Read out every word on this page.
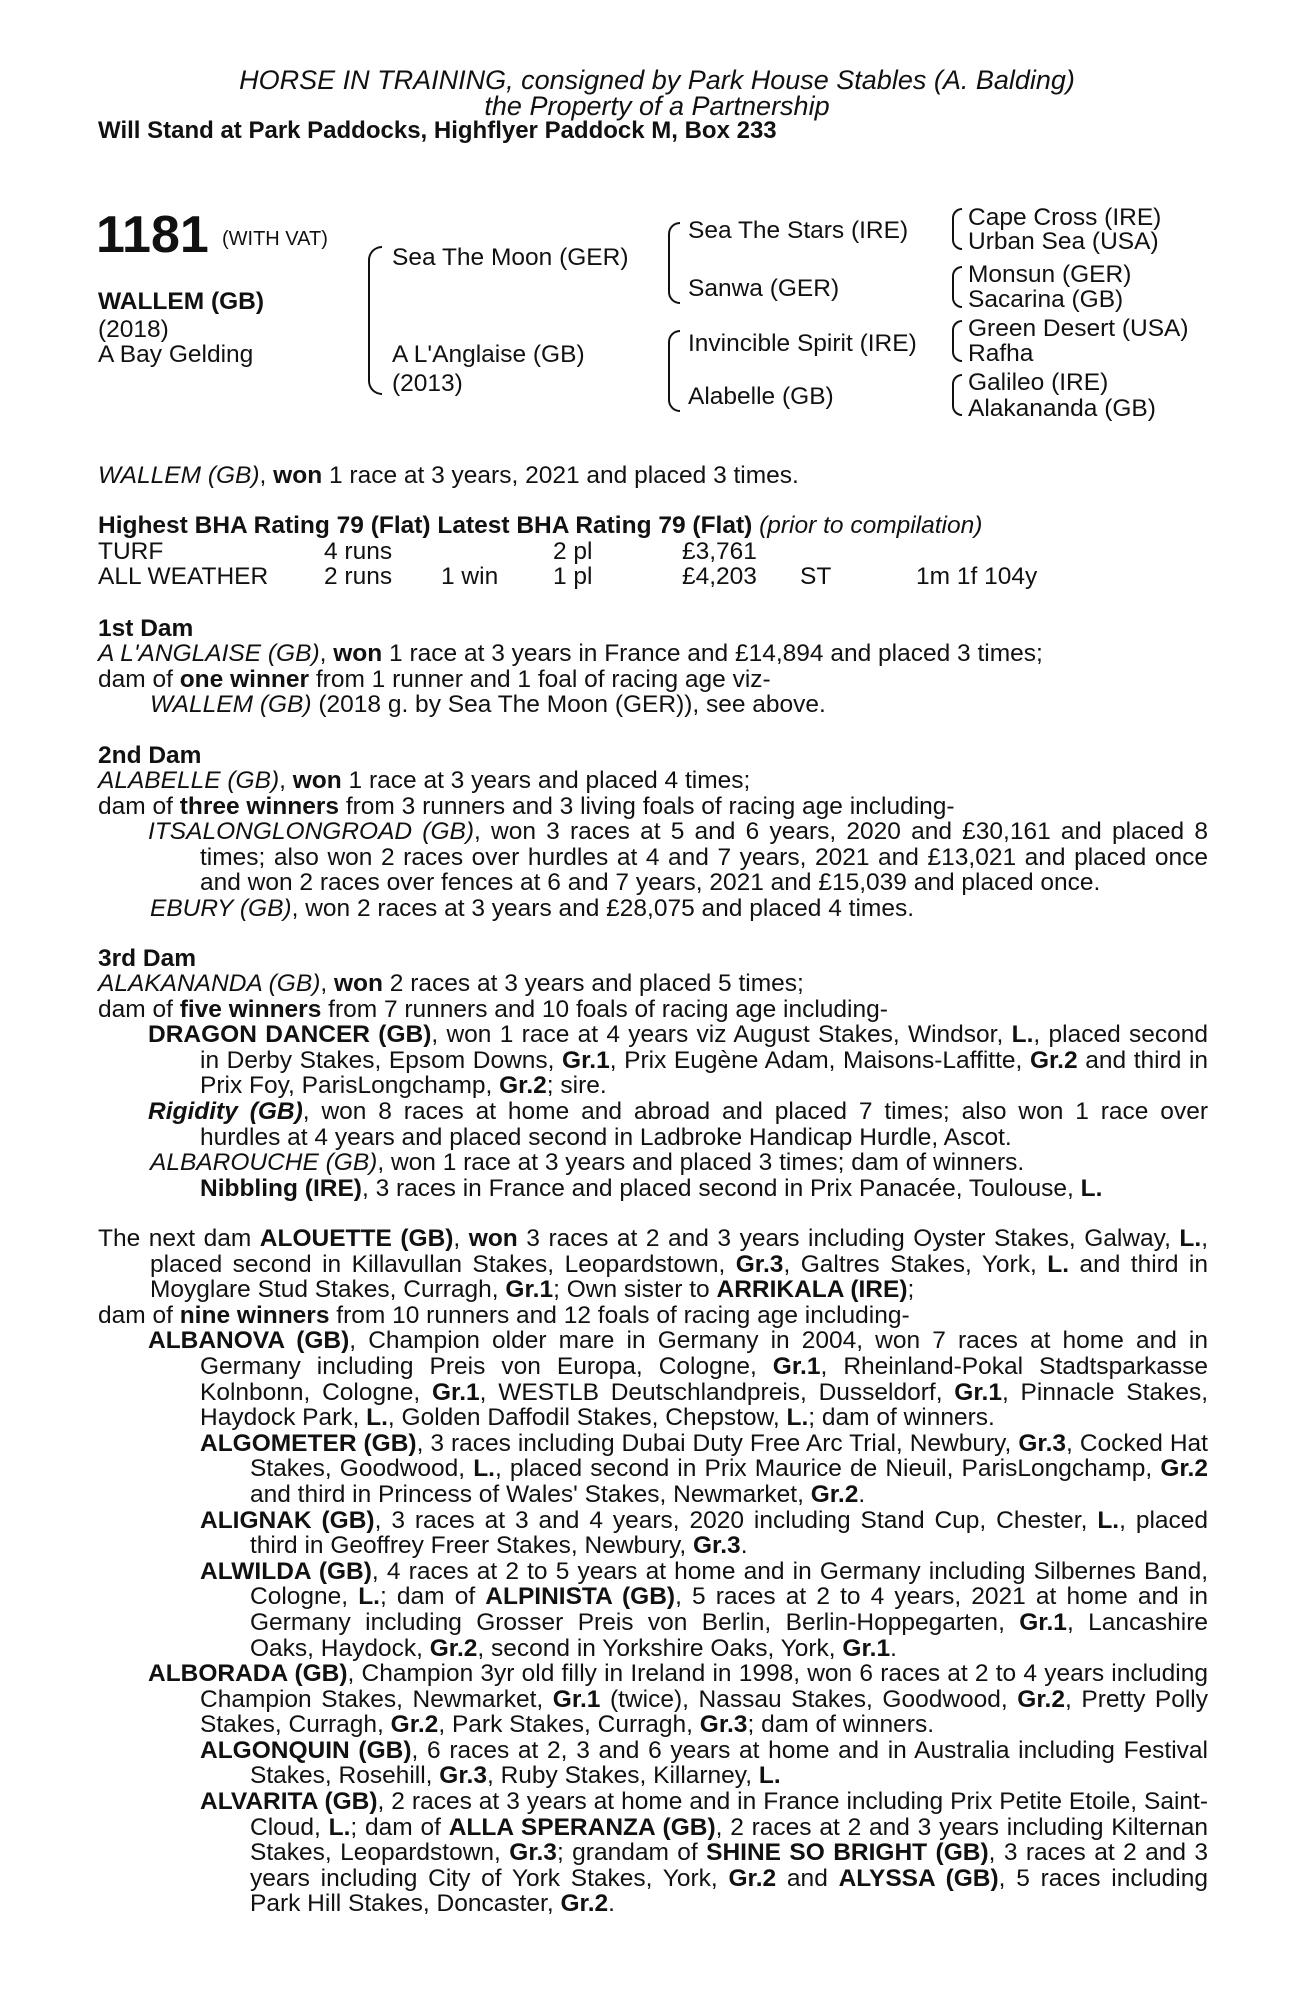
HORSE IN TRAINING, consigned by Park House Stables (A. Balding)
the Property of a Partnership
Will Stand at Park Paddocks, Highflyer Paddock M, Box 233
1181 (WITH VAT)
WALLEM (GB)
(2018)
A Bay Gelding
Sea The Moon (GER)
A L'Anglaise (GB)
(2013)
Sea The Stars (IRE)
Sanwa (GER)
Invincible Spirit (IRE)
Alabelle (GB)
Cape Cross (IRE)
Urban Sea (USA)
Monsun (GER)
Sacarina (GB)
Green Desert (USA)
Rafha
Galileo (IRE)
Alakananda (GB)
WALLEM (GB), won 1 race at 3 years, 2021 and placed 3 times.
Highest BHA Rating 79 (Flat) Latest BHA Rating 79 (Flat) (prior to compilation)
TURF	4 runs	2 pl	£3,761
ALL WEATHER 2 runs 1 win 1 pl	£4,203 ST	1m 1f 104y
1st Dam

A L'ANGLAISE (GB), won 1 race at 3 years in France and £14,894 and placed 3 times;

dam of one winner from 1 runner and 1 foal of racing age viz-

WALLEM (GB) (2018 g. by Sea The Moon (GER)), see above.

2nd Dam

ALABELLE (GB), won 1 race at 3 years and placed 4 times;

dam of three winners from 3 runners and 3 living foals of racing age including-

ITSALONGLONGROAD (GB), won 3 races at 5 and 6 years, 2020 and £30,161 and placed 8 times; also won 2 races over hurdles at 4 and 7 years, 2021 and £13,021 and placed once and won 2 races over fences at 6 and 7 years, 2021 and £15,039 and placed once.

EBURY (GB), won 2 races at 3 years and £28,075 and placed 4 times.

3rd Dam

ALAKANANDA (GB), won 2 races at 3 years and placed 5 times;

dam of five winners from 7 runners and 10 foals of racing age including-

DRAGON DANCER (GB), won 1 race at 4 years viz August Stakes, Windsor, L., placed second in Derby Stakes, Epsom Downs, Gr.1, Prix Eugène Adam, Maisons-Laffitte, Gr.2 and third in Prix Foy, ParisLongchamp, Gr.2; sire.

Rigidity (GB), won 8 races at home and abroad and placed 7 times; also won 1 race over hurdles at 4 years and placed second in Ladbroke Handicap Hurdle, Ascot.

ALBAROUCHE (GB), won 1 race at 3 years and placed 3 times; dam of winners.

Nibbling (IRE), 3 races in France and placed second in Prix Panacée, Toulouse, L.

The next dam ALOUETTE (GB), won 3 races at 2 and 3 years including Oyster Stakes, Galway, L., placed second in Killavullan Stakes, Leopardstown, Gr.3, Galtres Stakes, York, L. and third in Moyglare Stud Stakes, Curragh, Gr.1; Own sister to ARRIKALA (IRE);

dam of nine winners from 10 runners and 12 foals of racing age including-

ALBANOVA (GB), Champion older mare in Germany in 2004, won 7 races at home and in Germany including Preis von Europa, Cologne, Gr.1, Rheinland-Pokal Stadtsparkasse Kolnbonn, Cologne, Gr.1, WESTLB Deutschlandpreis, Dusseldorf, Gr.1, Pinnacle Stakes, Haydock Park, L., Golden Daffodil Stakes, Chepstow, L.; dam of winners.

ALGOMETER (GB), 3 races including Dubai Duty Free Arc Trial, Newbury, Gr.3, Cocked Hat Stakes, Goodwood, L., placed second in Prix Maurice de Nieuil, ParisLongchamp, Gr.2 and third in Princess of Wales' Stakes, Newmarket, Gr.2.

ALIGNAK (GB), 3 races at 3 and 4 years, 2020 including Stand Cup, Chester, L., placed third in Geoffrey Freer Stakes, Newbury, Gr.3.

ALWILDA (GB), 4 races at 2 to 5 years at home and in Germany including Silbernes Band, Cologne, L.; dam of ALPINISTA (GB), 5 races at 2 to 4 years, 2021 at home and in Germany including Grosser Preis von Berlin, Berlin-Hoppegarten, Gr.1, Lancashire Oaks, Haydock, Gr.2, second in Yorkshire Oaks, York, Gr.1.

ALBORADA (GB), Champion 3yr old filly in Ireland in 1998, won 6 races at 2 to 4 years including Champion Stakes, Newmarket, Gr.1 (twice), Nassau Stakes, Goodwood, Gr.2, Pretty Polly Stakes, Curragh, Gr.2, Park Stakes, Curragh, Gr.3; dam of winners.

ALGONQUIN (GB), 6 races at 2, 3 and 6 years at home and in Australia including Festival Stakes, Rosehill, Gr.3, Ruby Stakes, Killarney, L.

ALVARITA (GB), 2 races at 3 years at home and in France including Prix Petite Etoile, Saint-Cloud, L.; dam of ALLA SPERANZA (GB), 2 races at 2 and 3 years including Kilternan Stakes, Leopardstown, Gr.3; grandam of SHINE SO BRIGHT (GB), 3 races at 2 and 3 years including City of York Stakes, York, Gr.2 and ALYSSA (GB), 5 races including Park Hill Stakes, Doncaster, Gr.2.
